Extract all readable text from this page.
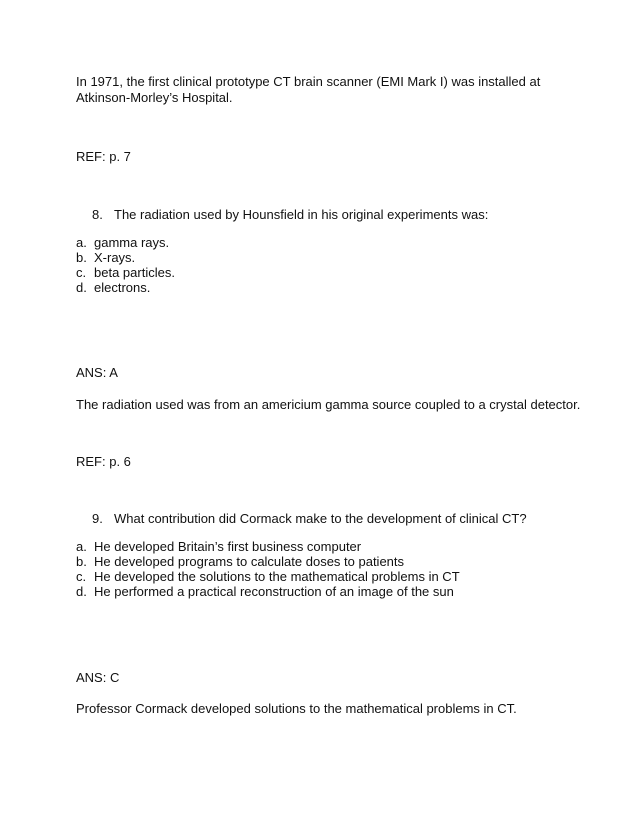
In 1971, the first clinical prototype CT brain scanner (EMI Mark I) was installed at
Atkinson-Morley’s Hospital.

REF: p. 7
8. The radiation used by Hounsfield in his original experiments was:
a. gamma rays.
b. X-rays.
c. beta particles.
d. electrons.
ANS: A
The radiation used was from an americium gamma source coupled to a crystal detector.
REF: p. 6
9. What contribution did Cormack make to the development of clinical CT?
a. He developed Britain’s first business computer
b. He developed programs to calculate doses to patients
c. He developed the solutions to the mathematical problems in CT
d. He performed a practical reconstruction of an image of the sun
ANS: C
Professor Cormack developed solutions to the mathematical problems in CT.
